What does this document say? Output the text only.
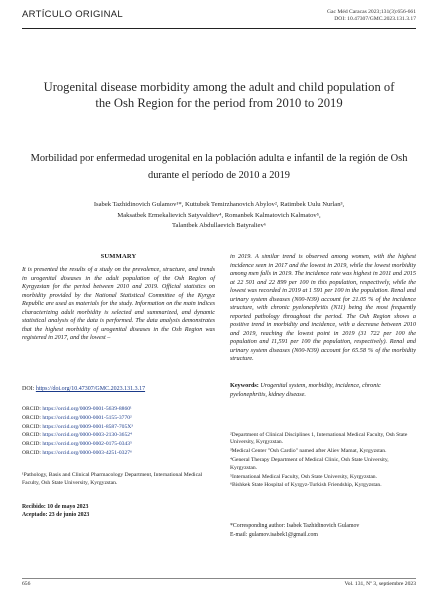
ARTÍCULO ORIGINAL	Gac Méd Caracas 2023;131(3):656-661
DOI: 10.47307/GMC.2023.131.3.17
Urogenital disease morbidity among the adult and child population of the Osh Region for the period from 2010 to 2019
Morbilidad por enfermedad urogenital en la población adulta e infantil de la región de Osh durante el período de 2010 a 2019
Isabek Tazhidinovich Gulamov¹*, Kuttubek Temirzhanovich Abylov², Ratimbek Uulu Nurlan³,
Maksatbek Ermekalievich Satyvaldiev⁴, Romanbek Kalmatovich Kalmatov⁵,
Talantbek Abdullaevich Batyraliev⁶
SUMMARY
It is presented the results of a study on the prevalence, structure, and trends in urogenital diseases in the adult population of the Osh Region of Kyrgyzstan for the period between 2010 and 2019. Official statistics on morbidity provided by the National Statistical Committee of the Kyrgyz Republic are used as materials for the study. Information on the main indices characterizing adult morbidity is selected and summarized, and dynamic statistical analysis of the data is performed. The data analysis demonstrates that the highest morbidity of urogenital diseases in the Osh Region was registered in 2017, and the lowest –
in 2019. A similar trend is observed among women, with the highest incidence seen in 2017 and the lowest in 2019, while the lowest morbidity among men falls in 2019. The incidence rate was highest in 2011 and 2015 at 22 501 and 22 899 per 100 in this population, respectively, while the lowest was recorded in 2019 at 1 591 per 100 in the population. Renal and urinary system diseases (N00-N39) account for 21.05 % of the incidence structure, with chronic pyelonephritis (N11) being the most frequently reported pathology throughout the period. The Osh Region shows a positive trend in morbidity and incidence, with a decrease between 2010 and 2019, reaching the lowest point in 2019 (31 722 per 100 the population and 11,591 per 100 the population, respectively). Renal and urinary system diseases (N00-N39) account for 65.58 % of the morbidity structure.
Keywords: Urogenital system, morbidity, incidence, chronic pyelonephritis, kidney disease.
DOI: https://doi.org/10.47307/GMC.2023.131.3.17
ORCID: https://orcid.org/0009-0001-5639-8860¹
ORCID: https://orcid.org/0000-0001-5155-3770²
ORCID: https://orcid.org/0009-0001-8587-705X³
ORCID: https://orcid.org/0000-0003-2130-3652⁴
ORCID: https://orcid.org/0000-0002-0175-0343⁵
ORCID: https://orcid.org/0000-0003-4251-0327⁶
¹Pathology, Basis and Clinical Pharmacology Department, International Medical Faculty, Osh State University, Kyrgyzstan.
Recibido: 10 de mayo 2023
Aceptado: 23 de junio 2023
²Department of Clinical Disciplines 1, International Medical Faculty, Osh State University, Kyrgyzstan.
³Medical Center "Osh Cardio" named after Aliev Mamat, Kyrgyzstan.
⁴General Therapy Department of Medical Clinic, Osh State University, Kyrgyzstan.
⁵International Medical Faculty, Osh State University, Kyrgyzstan.
⁶Bishkek State Hospital of Kyrgyz-Turkish Friendship, Kyrgyzstan.
*Corresponding author: Isabek Tazhidinovich Gulamov
E-mail: gulamov.isabek1@gmail.com
656	Vol. 131, Nº 3, septiembre 2023
